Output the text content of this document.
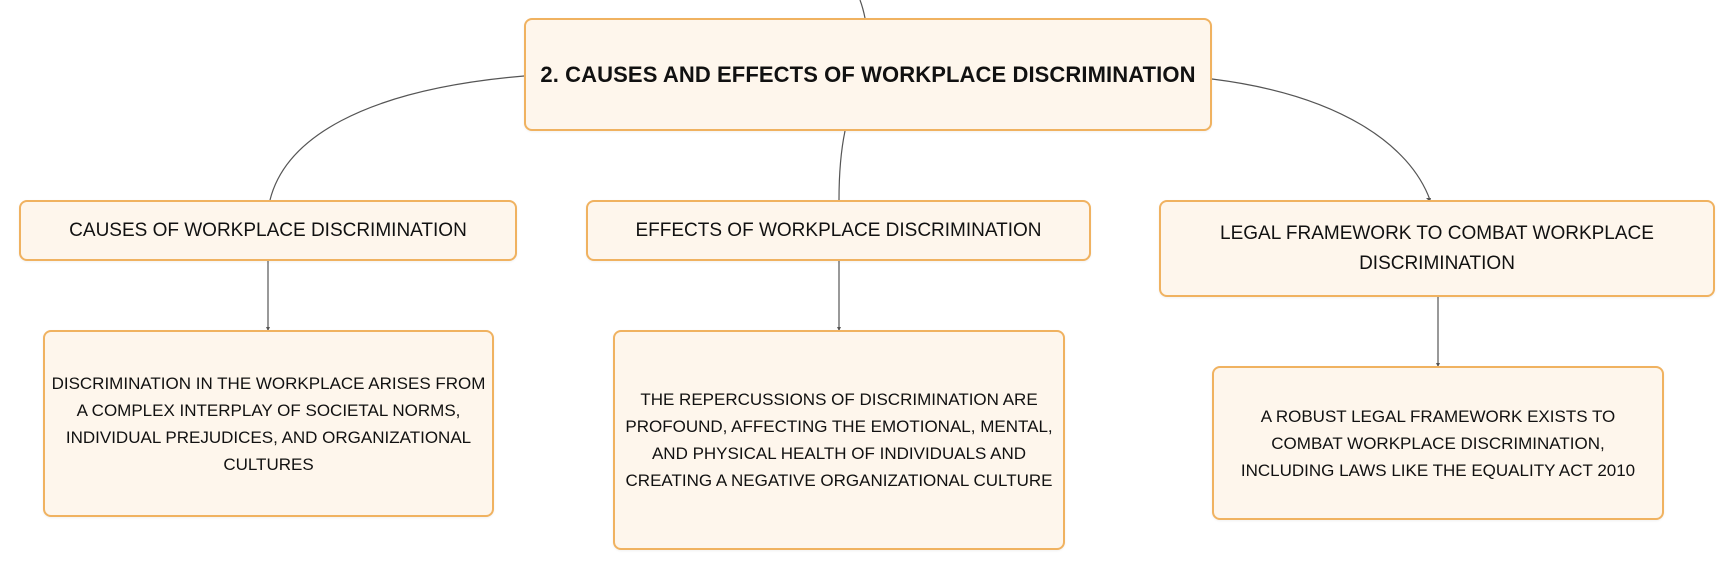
2. CAUSES AND EFFECTS OF WORKPLACE DISCRIMINATION
CAUSES OF WORKPLACE DISCRIMINATION	EFFECTS OF WORKPLACE DISCRIMINATION	LEGAL FRAMEWORK TO COMBAT WORKPLACE DISCRIMINATION
DISCRIMINATION IN THE WORKPLACE ARISES FROM A COMPLEX INTERPLAY OF SOCIETAL NORMS, INDIVIDUAL PREJUDICES, AND ORGANIZATIONAL CULTURES
THE REPERCUSSIONS OF DISCRIMINATION ARE PROFOUND, AFFECTING THE EMOTIONAL, MENTAL, AND PHYSICAL HEALTH OF INDIVIDUALS AND CREATING A NEGATIVE ORGANIZATIONAL CULTURE
A ROBUST LEGAL FRAMEWORK EXISTS TO COMBAT WORKPLACE DISCRIMINATION, INCLUDING LAWS LIKE THE EQUALITY ACT 2010
